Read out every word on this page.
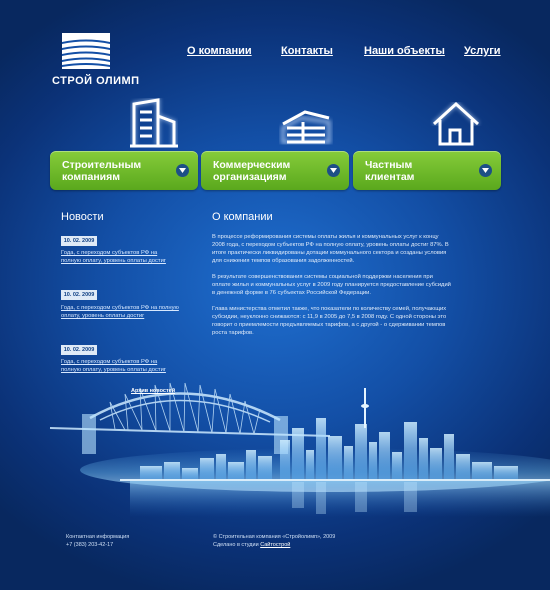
СТРОЙ ОЛИМП
О компании	Контакты	Наши объекты Услуги
Строительным компаниям
Коммерческим организациям
Частным клиентам
Новости
10. 02. 2009
Года, с переходом субъектов РФ на полную оплату, уровень оплаты достиг
10. 02. 2009
Года, с переходом субъектов РФ на полную оплату, уровень оплаты достиг
10. 02. 2009
Года, с переходом субъектов РФ на полную оплату, уровень оплаты достиг
О компании
В процессе реформирования системы оплаты жилья и коммунальных услуг к концу 2008 года, с переходом субъектов РФ на полную оплату, уровень оплаты достиг 87%. В итоге практически ликвидированы дотации коммунального сектора и созданы условия для снижения темпов образования задолженностей.
В результате совершенствования системы социальной поддержки населения при оплате жилья и коммунальных услуг в 2009 году планируется предоставление субсидий в денежной форме в 76 субъектах Российской Федерации.
Глава министерства отметил также, что показатели по количеству семей, получающих субсидии, неуклонно снижаются: с 11,9 в 2005 до 7,5 в 2008 году. С одной стороны это говорит о приемлемости предъявляемых тарифов, а с другой - о сдерживании темпов роста тарифов.
Архив новостей
Контактная информация
+7 (383) 203-42-17
© Строительная компания «Стройолимп», 2009
Сделано в студии Сайтострой
